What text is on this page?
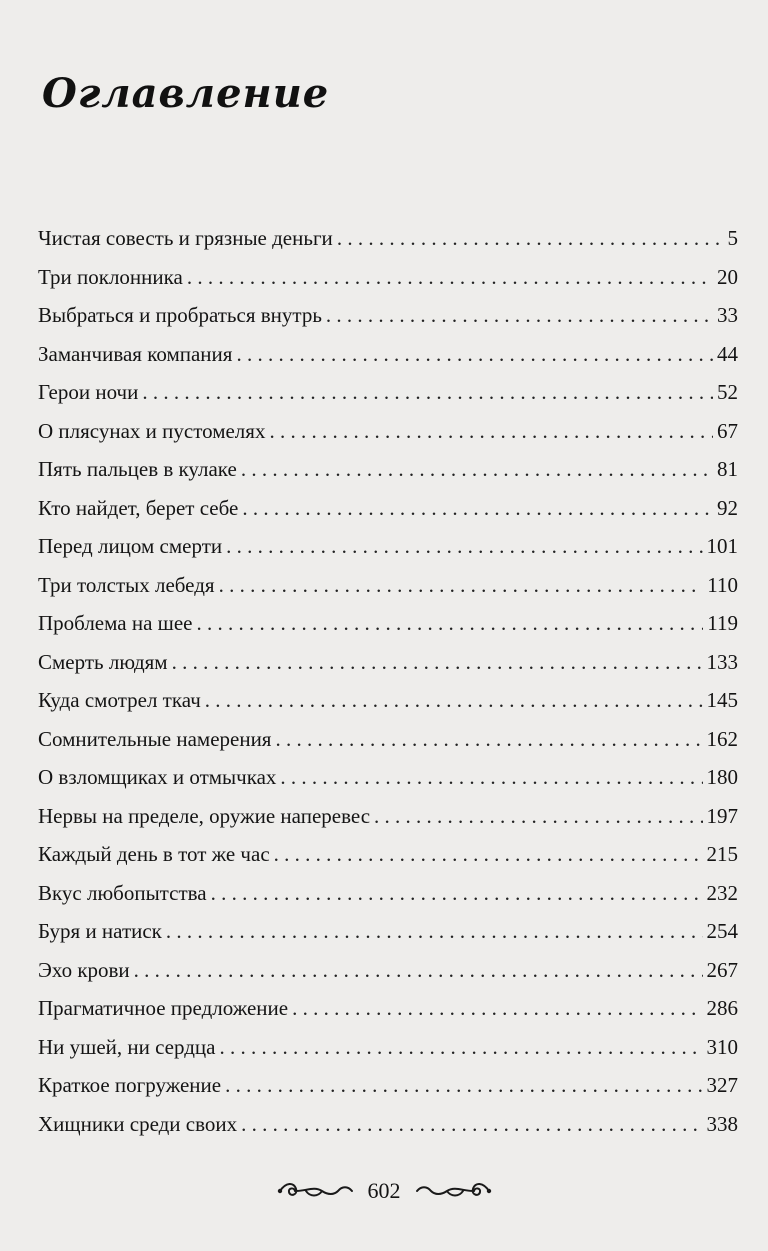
Оглавление
Чистая совесть и грязные деньги . . .	5
Три поклонника . . .	20
Выбраться и пробраться внутрь . . .	33
Заманчивая компания . . .	44
Герои ночи . . .	52
О плясунах и пустомелях . . .	67
Пять пальцев в кулаке . . .	81
Кто найдет, берет себе . . .	92
Перед лицом смерти . . .	101
Три толстых лебедя . . .	110
Проблема на шее . . .	119
Смерть людям . . .	133
Куда смотрел ткач . . .	145
Сомнительные намерения . . .	162
О взломщиках и отмычках . . .	180
Нервы на пределе, оружие наперевес . . .	197
Каждый день в тот же час . . .	215
Вкус любопытства . . .	232
Буря и натиск . . .	254
Эхо крови . . .	267
Прагматичное предложение . . .	286
Ни ушей, ни сердца . . .	310
Краткое погружение . . .	327
Хищники среди своих . . .	338
602
